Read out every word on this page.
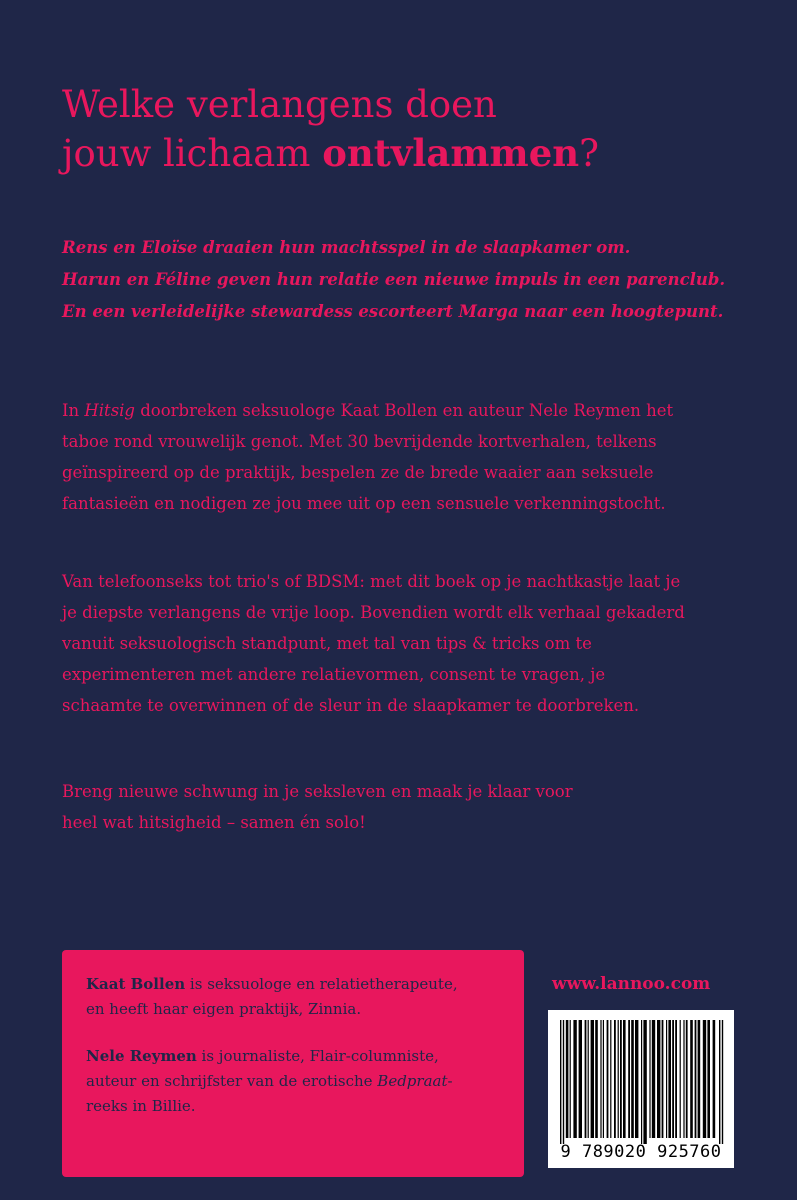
Welke verlangens doen
jouw lichaam ontvlammen?
Rens en Eloïse draaien hun machtsspel in de slaapkamer om.
Harun en Féline geven hun relatie een nieuwe impuls in een parenclub.
En een verleidelijke stewardess escorteert Marga naar een hoogtepunt.
In Hitsig doorbreken seksuologe Kaat Bollen en auteur Nele Reymen het
taboe rond vrouwelijk genot. Met 30 bevrijdende kortverhalen, telkens
geïnspireerd op de praktijk, bespelen ze de brede waaier aan seksuele
fantasieën en nodigen ze jou mee uit op een sensuele verkenningstocht.
Van telefoonseks tot trio's of BDSM: met dit boek op je nachtkastje laat je
je diepste verlangens de vrije loop. Bovendien wordt elk verhaal gekaderd
vanuit seksuologisch standpunt, met tal van tips & tricks om te
experimenteren met andere relatievormen, consent te vragen, je
schaamte te overwinnen of de sleur in de slaapkamer te doorbreken.
Breng nieuwe schwung in je seksleven en maak je klaar voor
heel wat hitsigheid – samen én solo!
Kaat Bollen is seksuologe en relatietherapeute,
en heeft haar eigen praktijk, Zinnia.
Nele Reymen is journaliste, Flair-columniste,
auteur en schrijfster van de erotische Bedpraat-
reeks in Billie.
www.lannoo.com
9 789020 925760
